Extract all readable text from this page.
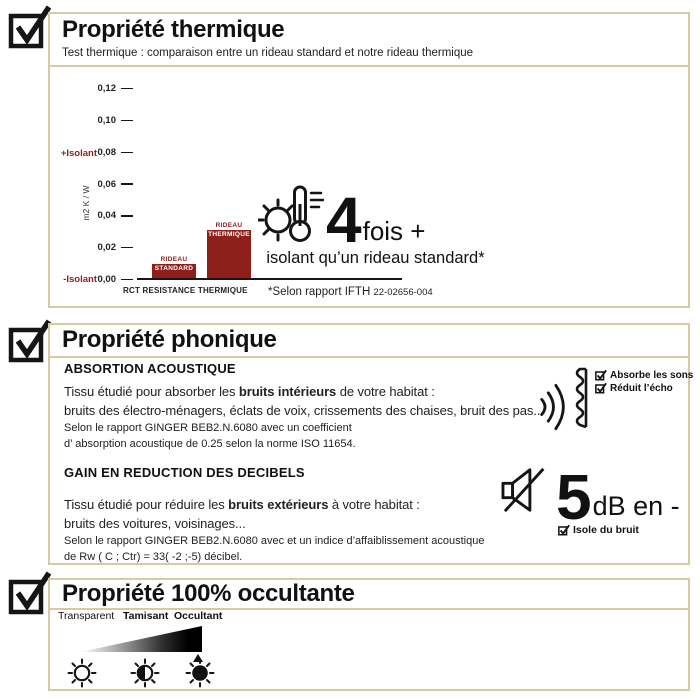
Propriété thermique
Test thermique : comparaison entre un rideau standard et notre rideau thermique
m2 K / W
+Isolant
-Isolant
RCT RESISTANCE THERMIQUE
0,00
0,02
0,04
0,06
0,08
0,10
0,12
RIDEAU
STANDARD
RIDEAU
THERMIQUE 4 fois +
isolant qu’un rideau standard*
*Selon rapport IFTH 22-02656-004
Propriété phonique
ABSORTION ACOUSTIQUE
Tissu étudié pour absorber les bruits intérieurs de votre habitat :
bruits des électro-ménagers, éclats de voix, crissements des chaises, bruit des pas...
Selon le rapport GINGER BEB2.N.6080 avec un coefficient
d’ absorption acoustique de 0.25 selon la norme ISO 11654.
Absorbe les sons
Réduit l’écho
GAIN EN REDUCTION DES DECIBELS
Tissu étudié pour réduire les bruits extérieurs à votre habitat :
bruits des voitures, voisinages...
Selon le rapport GINGER BEB2.N.6080 avec et un indice d’affaiblissement acoustique
de Rw ( C ; Ctr) = 33( -2 ;-5) décibel.
5 dB en -
Isole du bruit
Propriété 100% occultante
Transparent Tamisant Occultant
